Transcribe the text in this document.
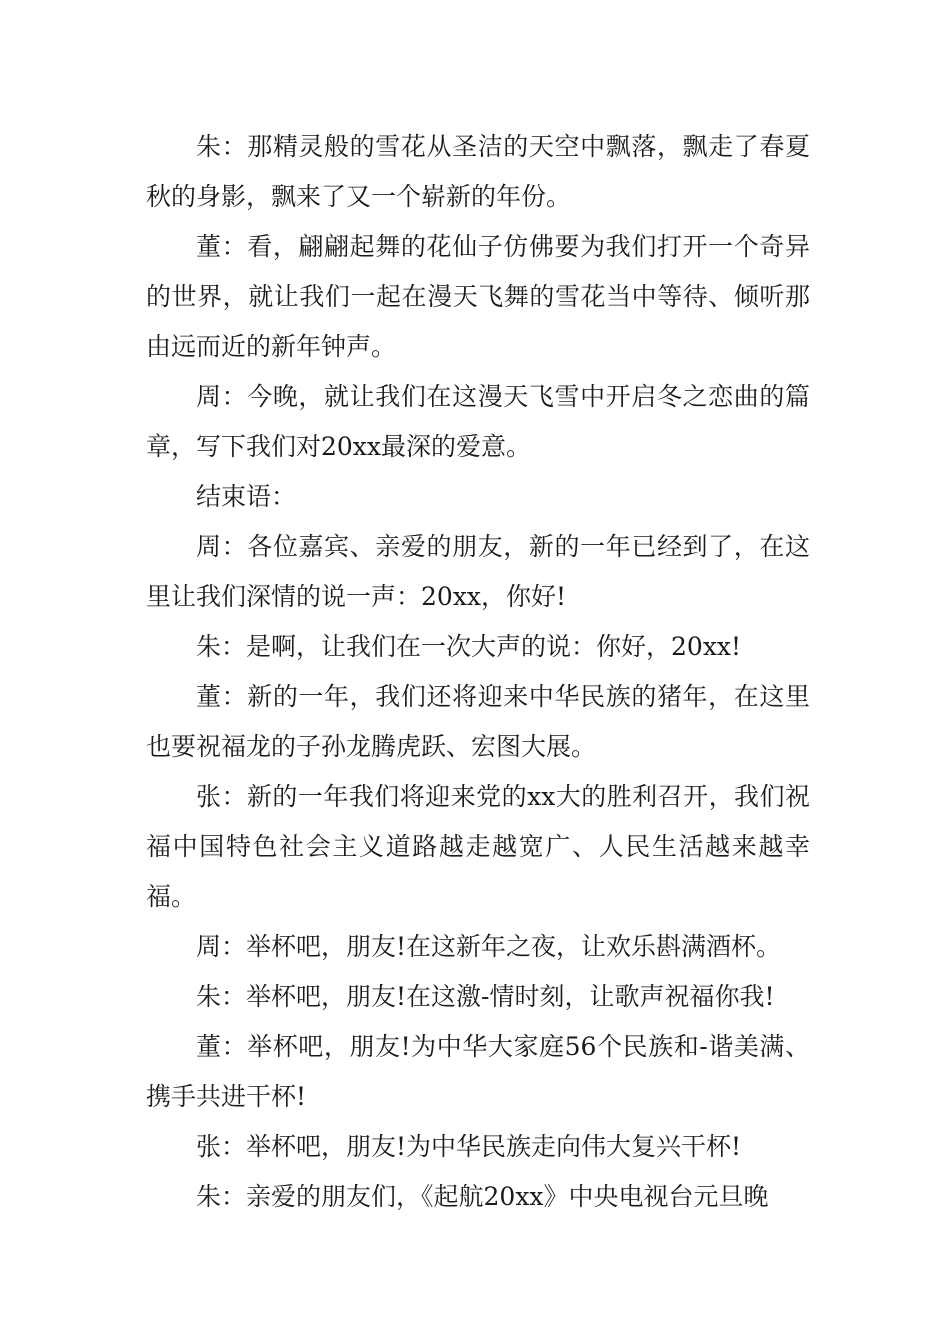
朱：那精灵般的雪花从圣洁的天空中飘落，飘走了春夏秋的身影，飘来了又一个崭新的年份。

董：看，翩翩起舞的花仙子仿佛要为我们打开一个奇异的世界，就让我们一起在漫天飞舞的雪花当中等待、倾听那由远而近的新年钟声。

周：今晚，就让我们在这漫天飞雪中开启冬之恋曲的篇章，写下我们对20xx最深的爱意。

结束语：

周：各位嘉宾、亲爱的朋友，新的一年已经到了，在这里让我们深情的说一声：20xx，你好!

朱：是啊，让我们在一次大声的说：你好，20xx!

董：新的一年，我们还将迎来中华民族的猪年，在这里也要祝福龙的子孙龙腾虎跃、宏图大展。

张：新的一年我们将迎来党的xx大的胜利召开，我们祝福中国特色社会主义道路越走越宽广、人民生活越来越幸福。

周：举杯吧，朋友!在这新年之夜，让欢乐斟满酒杯。

朱：举杯吧，朋友!在这激-情时刻，让歌声祝福你我!

董：举杯吧，朋友!为中华大家庭56个民族和-谐美满、携手共进干杯!

张：举杯吧，朋友!为中华民族走向伟大复兴干杯!

朱：亲爱的朋友们，《起航20xx》中央电视台元旦晚
